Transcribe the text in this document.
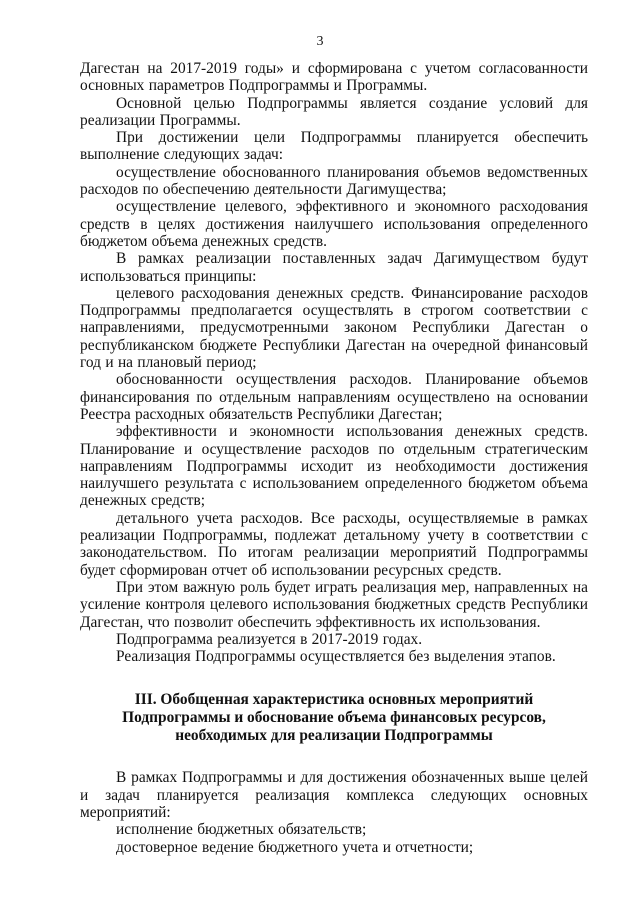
3

Дагестан на 2017-2019 годы» и сформирована с учетом согласованности основных параметров Подпрограммы и Программы.

Основной целью Подпрограммы является создание условий для реализации Программы.

При достижении цели Подпрограммы планируется обеспечить выполнение следующих задач:

осуществление обоснованного планирования объемов ведомственных расходов по обеспечению деятельности Дагимущества;

осуществление целевого, эффективного и экономного расходования средств в целях достижения наилучшего использования определенного бюджетом объема денежных средств.

В рамках реализации поставленных задач Дагимуществом будут использоваться принципы:

целевого расходования денежных средств. Финансирование расходов Подпрограммы предполагается осуществлять в строгом соответствии с направлениями, предусмотренными законом Республики Дагестан о республиканском бюджете Республики Дагестан на очередной финансовый год и на плановый период;

обоснованности осуществления расходов. Планирование объемов финансирования по отдельным направлениям осуществлено на основании Реестра расходных обязательств Республики Дагестан;

эффективности и экономности использования денежных средств. Планирование и осуществление расходов по отдельным стратегическим направлениям Подпрограммы исходит из необходимости достижения наилучшего результата с использованием определенного бюджетом объема денежных средств;

детального учета расходов. Все расходы, осуществляемые в рамках реализации Подпрограммы, подлежат детальному учету в соответствии с законодательством. По итогам реализации мероприятий Подпрограммы будет сформирован отчет об использовании ресурсных средств.

При этом важную роль будет играть реализация мер, направленных на усиление контроля целевого использования бюджетных средств Республики Дагестан, что позволит обеспечить эффективность их использования.

Подпрограмма реализуется в 2017-2019 годах.

Реализация Подпрограммы осуществляется без выделения этапов.

III. Обобщенная характеристика основных мероприятий
Подпрограммы и обоснование объема финансовых ресурсов,
необходимых для реализации Подпрограммы

В рамках Подпрограммы и для достижения обозначенных выше целей и задач планируется реализация комплекса следующих основных мероприятий:

исполнение бюджетных обязательств;

достоверное ведение бюджетного учета и отчетности;
